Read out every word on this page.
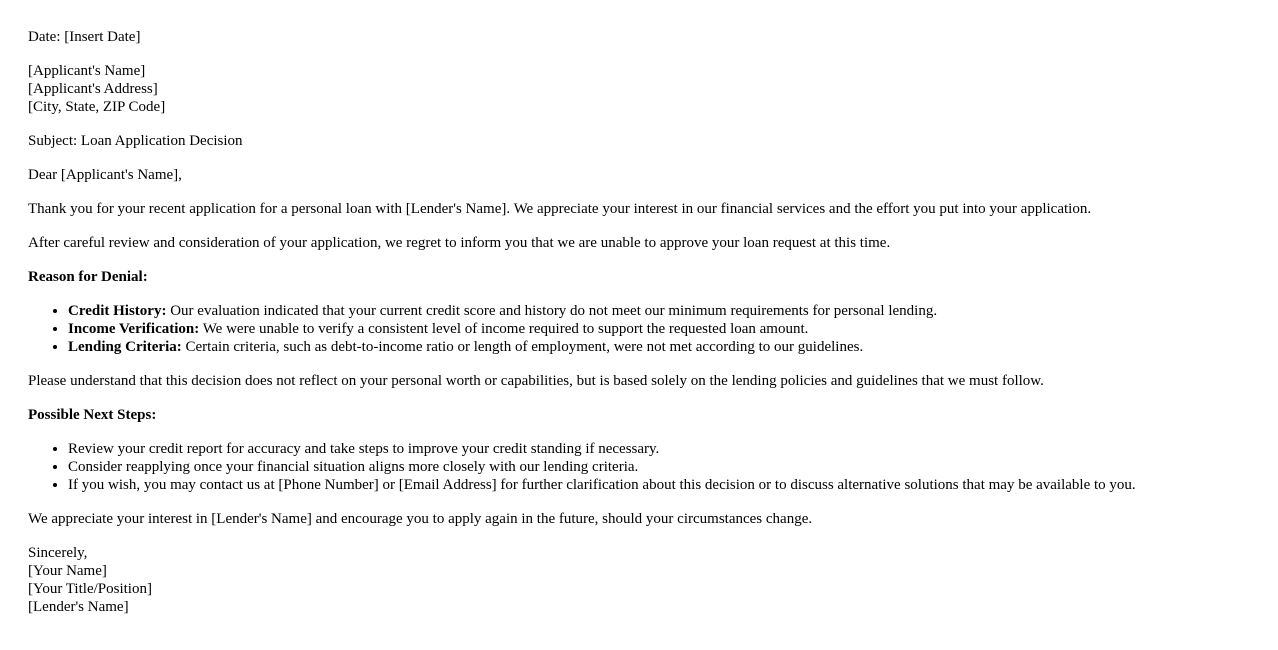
Date: [Insert Date]

[Applicant's Name]
[Applicant's Address]
[City, State, ZIP Code]

Subject: Loan Application Decision

Dear [Applicant's Name],

Thank you for your recent application for a personal loan with [Lender's Name]. We appreciate your interest in our financial services and the effort you put into your application.

After careful review and consideration of your application, we regret to inform you that we are unable to approve your loan request at this time.

Reason for Denial:
• Credit History: Our evaluation indicated that your current credit score and history do not meet our minimum requirements for personal lending.
• Income Verification: We were unable to verify a consistent level of income required to support the requested loan amount.
• Lending Criteria: Certain criteria, such as debt-to-income ratio or length of employment, were not met according to our guidelines.

Please understand that this decision does not reflect on your personal worth or capabilities, but is based solely on the lending policies and guidelines that we must follow.

Possible Next Steps:
• Review your credit report for accuracy and take steps to improve your credit standing if necessary.
• Consider reapplying once your financial situation aligns more closely with our lending criteria.
• If you wish, you may contact us at [Phone Number] or [Email Address] for further clarification about this decision or to discuss alternative solutions that may be available to you.

We appreciate your interest in [Lender's Name] and encourage you to apply again in the future, should your circumstances change.

Sincerely,
[Your Name]
[Your Title/Position]
[Lender's Name]
